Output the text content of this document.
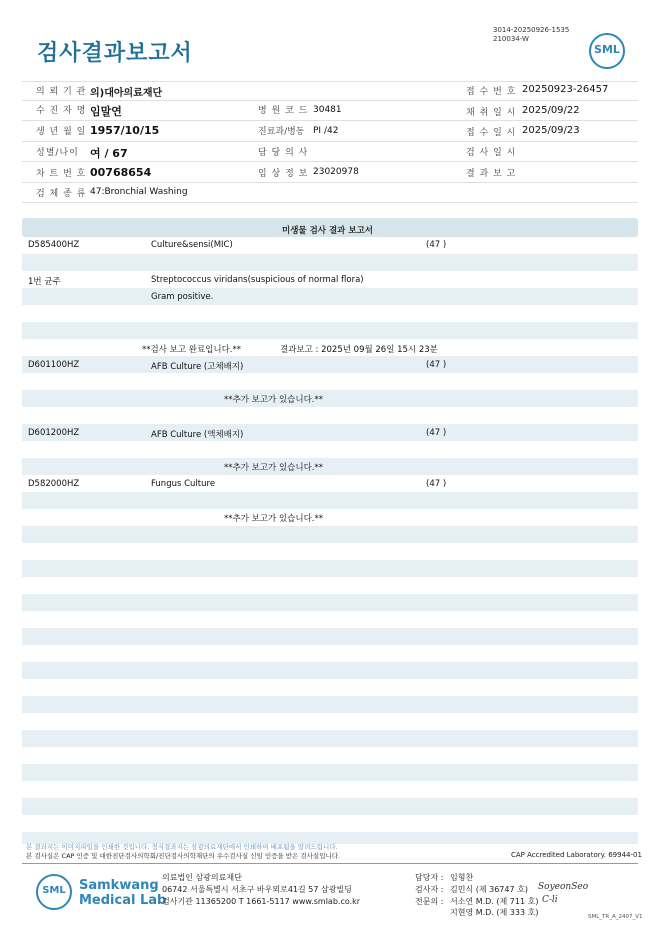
검사결과보고서
3014-20250926-1535
210034-W
SML
의 뢰 기 관 의)대아의료재단	접 수 번 호 20250923-26457
수 진 자 명 임말연	병 원 코 드 30481	채 취 일 시 2025/09/22
생 년 월 일 1957/10/15	진료과/병동 PI /42	접 수 일 시 2025/09/23
성별/나이 여 / 67	담 당 의 사	검 사 일 시
차 트 번 호 00768654	임 상 정 보 23020978	결 과 보 고
검 체 종 류 47:Bronchial Washing
미생물 검사 결과 보고서
D585400HZ	Culture&sensi(MIC)	(47 )
1번 균주	Streptococcus viridans(suspicious of normal flora)
Gram positive.
**검사 보고 완료입니다.**	결과보고 : 2025년 09월 26일 15시 23분
D601100HZ	AFB Culture (고체배지)	(47 )
**추가 보고가 있습니다.**
D601200HZ	AFB Culture (액체배지)	(47 )
**추가 보고가 있습니다.**
D582000HZ	Fungus Culture	(47 )
**추가 보고가 있습니다.**
본 결과지는 이미지파일을 인쇄한 것입니다. 정식결과지는 삼광의료재단에서 인쇄하여 배포됨을 알려드립니다.
본 검사실은 CAP 인증 및 대한진단검사의학회/진단검사의학재단의 우수검사실 신임 인증을 받은 검사실입니다.	CAP Accredited Laboratory. 69944-01
SML	Samkwang
Medical Lab
의료법인 삼광의료재단
06742 서울특별시 서초구 바우뫼로41길 57 삼광빌딩
검사기관 11365200 T 1661-5117 www.smlab.co.kr
담당자 : 임형찬
검사자 : 김민식 (제 36747 호)
전문의 : 서소연 M.D. (제 711 호)
지현영 M.D. (제 333 호)
SoyeonSeo
C-li
SML_TR_A_2407_V1
